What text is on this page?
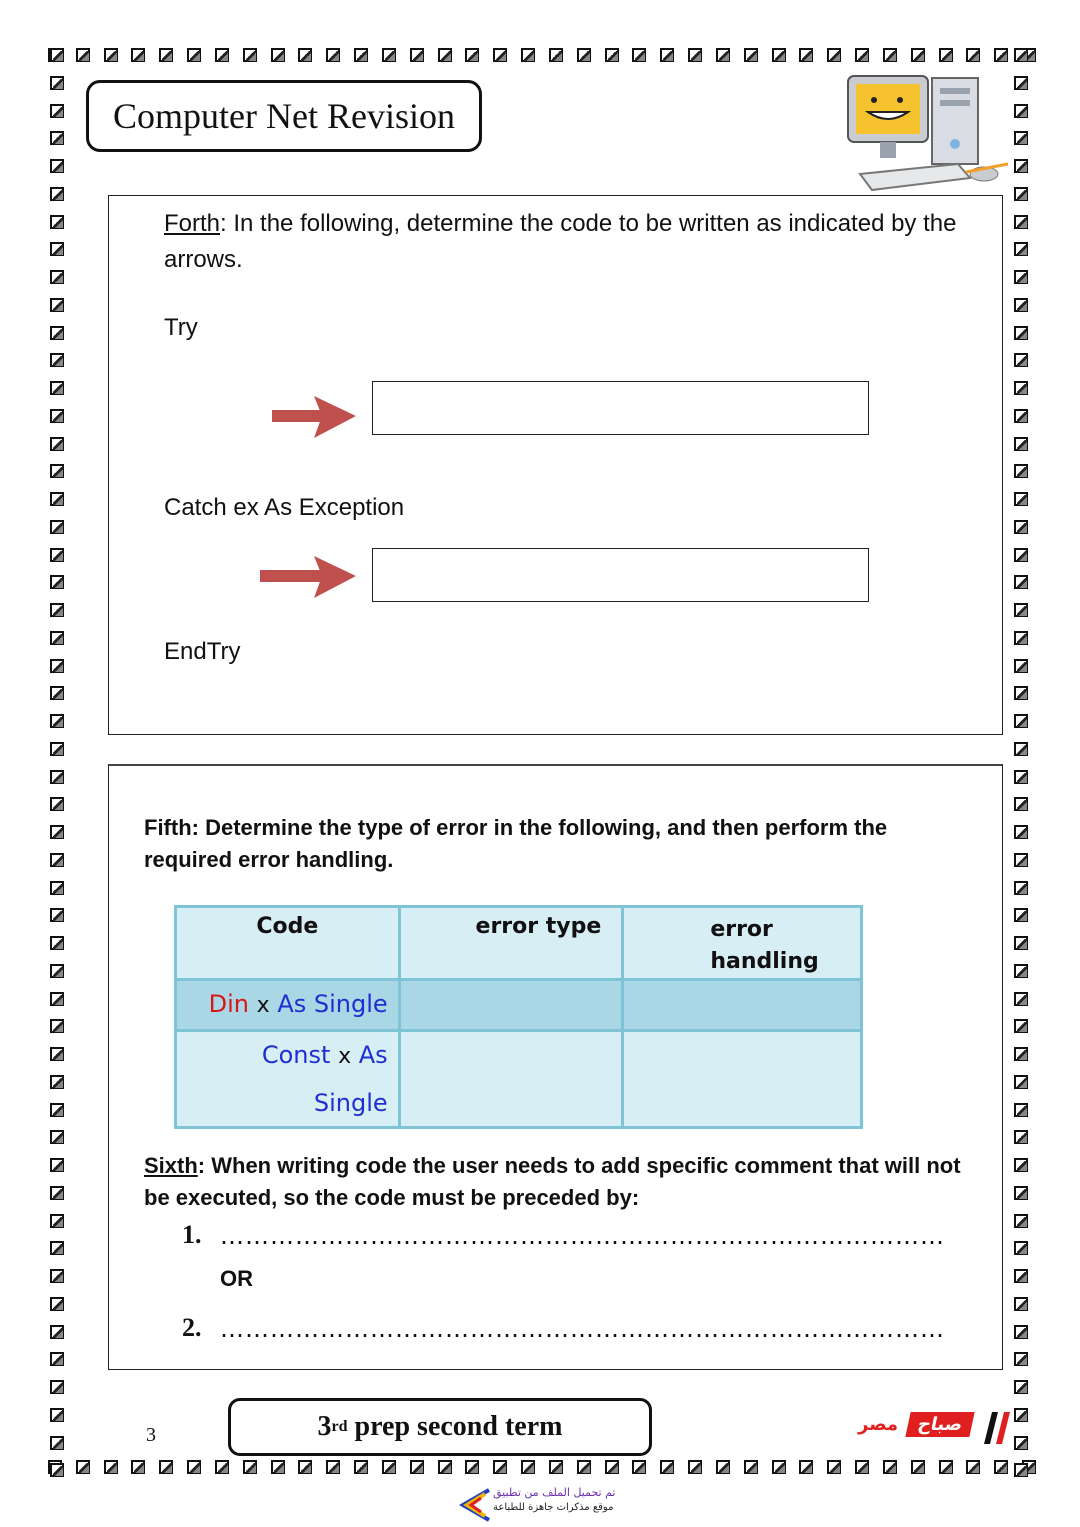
Computer Net Revision
Forth: In the following, determine the code to be written as indicated by the arrows.
Try
Catch ex As Exception
EndTry
Fifth: Determine the type of error in the following, and then perform the required error handling.
Code	error type	error handling
Din x As Single		
Const x As
Single		
Sixth: When writing code the user needs to add specific comment that will not be executed, so the code must be preceded by:
1. ……………………………………………………………………………
OR
2. ……………………………………………………………………………
3	3 rd prep second term	مصر صباح
تم تحميل الملف من تطبيق
موقع مذكرات جاهزة للطباعة
